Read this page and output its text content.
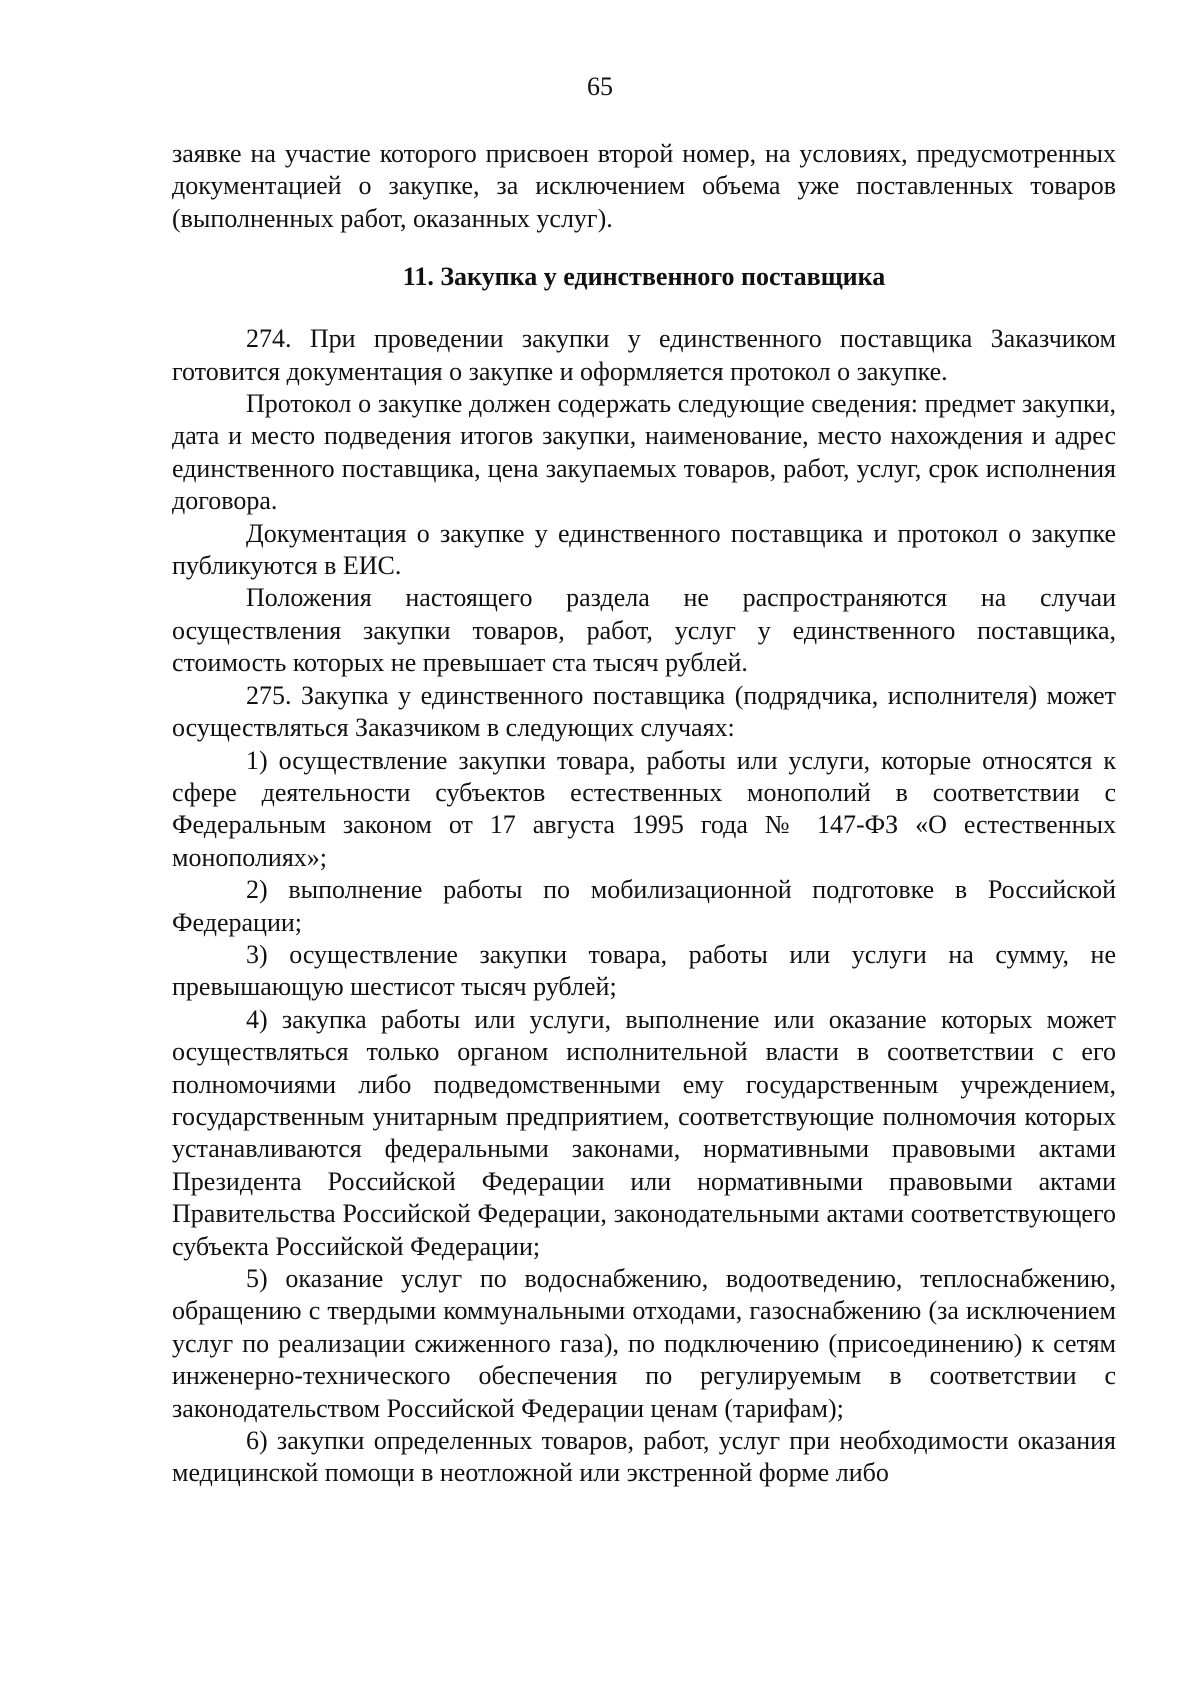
65

заявке на участие которого присвоен второй номер, на условиях, предусмотренных документацией о закупке, за исключением объема уже поставленных товаров (выполненных работ, оказанных услуг).

11. Закупка у единственного поставщика

274. При проведении закупки у единственного поставщика Заказчиком готовится документация о закупке и оформляется протокол о закупке.

Протокол о закупке должен содержать следующие сведения: предмет закупки, дата и место подведения итогов закупки, наименование, место нахождения и адрес единственного поставщика, цена закупаемых товаров, работ, услуг, срок исполнения договора.

Документация о закупке у единственного поставщика и протокол о закупке публикуются в ЕИС.

Положения настоящего раздела не распространяются на случаи осуществления закупки товаров, работ, услуг у единственного поставщика, стоимость которых не превышает ста тысяч рублей.

275. Закупка у единственного поставщика (подрядчика, исполнителя) может осуществляться Заказчиком в следующих случаях:

1) осуществление закупки товара, работы или услуги, которые относятся к сфере деятельности субъектов естественных монополий в соответствии с Федеральным законом от 17 августа 1995 года № 147-ФЗ «О естественных монополиях»;

2) выполнение работы по мобилизационной подготовке в Российской Федерации;

3) осуществление закупки товара, работы или услуги на сумму, не превышающую шестисот тысяч рублей;

4) закупка работы или услуги, выполнение или оказание которых может осуществляться только органом исполнительной власти в соответствии с его полномочиями либо подведомственными ему государственным учреждением, государственным унитарным предприятием, соответствующие полномочия которых устанавливаются федеральными законами, нормативными правовыми актами Президента Российской Федерации или нормативными правовыми актами Правительства Российской Федерации, законодательными актами соответствующего субъекта Российской Федерации;

5) оказание услуг по водоснабжению, водоотведению, теплоснабжению, обращению с твердыми коммунальными отходами, газоснабжению (за исключением услуг по реализации сжиженного газа), по подключению (присоединению) к сетям инженерно-технического обеспечения по регулируемым в соответствии с законодательством Российской Федерации ценам (тарифам);

6) закупки определенных товаров, работ, услуг при необходимости оказания медицинской помощи в неотложной или экстренной форме либо
